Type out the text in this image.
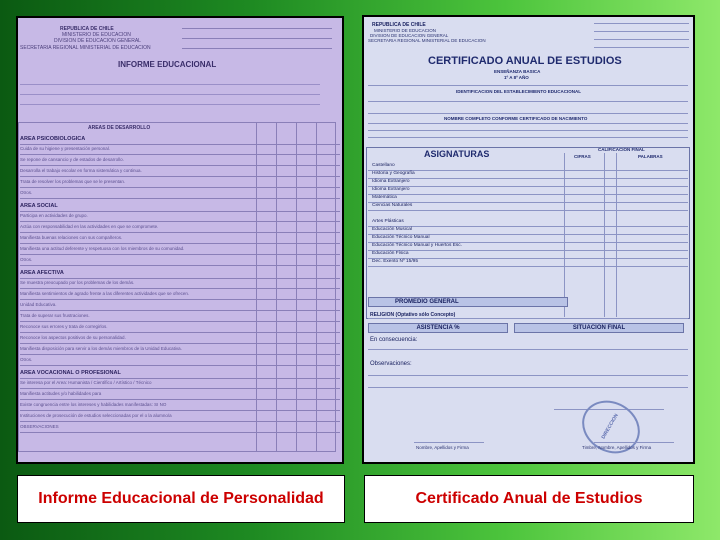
REPUBLICA DE CHILE
MINISTERIO DE EDUCACION
DIVISION DE EDUCACION GENERAL
SECRETARIA REGIONAL MINISTERIAL DE EDUCACION
INFORME EDUCACIONAL
AREAS DE DESARROLLO
AREA PSICOBIOLOGICA
Cuida de su higiene y presentación personal.
Se repone de cansancio y de estados de desarrollo.
Desarrolla el trabajo escolar en forma sistemática y continua.
Trata de resolver los problemas que se le presentan.
Otros.
AREA SOCIAL
Participa en actividades de grupo.
Actúa con responsabilidad en las actividades en que se compromete.
Manifiesta buenas relaciones con sus compañeros.
Manifiesta una actitud deferente y respetuosa con los miembros de su comunidad.
Otros.
AREA AFECTIVA
Se muestra preocupado por los problemas de los demás.
Manifiesta sentimientos de agrado frente a las diferentes actividades que se ofrecen.
Unidad Educativa.
Trata de superar sus frustraciones.
Reconoce sus errores y trata de corregirlos.
Reconoce los aspectos positivos de su personalidad.
Manifiesta disposición para servir a los demás miembros de la Unidad Educativa.
Otros.
AREA VOCACIONAL O PROFESIONAL
Se interesa por el Area: Humanista / Científico / Artístico / Técnico
Manifiesta actitudes y/o habilidades para
Existe congruencia entre los intereses y habilidades manifestadas: SI NO
Instituciones de prosecución de estudios seleccionadas por el o la alumno/a
OBSERVACIONES
REPUBLICA DE CHILE
MINISTERIO DE EDUCACION
DIVISION DE EDUCACION GENERAL
SECRETARIA REGIONAL MINISTERIAL DE EDUCACION
CERTIFICADO ANUAL DE ESTUDIOS
ENSEÑANZA BASICA
1º A 8º AÑO
IDENTIFICACION DEL ESTABLECIMIENTO EDUCACIONAL
NOMBRE COMPLETO CONFORME CERTIFICADO DE NACIMIENTO
ASIGNATURAS	CALIFICACION FINAL
CIFRAS	PALABRAS
Castellano
Historia y Geografía
Idioma Extranjero
Idioma Extranjero
Matemática
Ciencias Naturales
Artes Plásticas
Educación Musical
Educación Técnico Manual
Educación Técnico Manual y Huertos Esc.
Educación Física
Dec. Exento Nº 15/95
PROMEDIO GENERAL
RELIGION (Optativo sólo Concepto)
ASISTENCIA %	SITUACION FINAL
En consecuencia:
Observaciones:
DIRECCION
Nombre, Apellidos y Firma	Timbre, Nombre, Apellidos y Firma
Informe Educacional de Personalidad	Certificado Anual de Estudios
